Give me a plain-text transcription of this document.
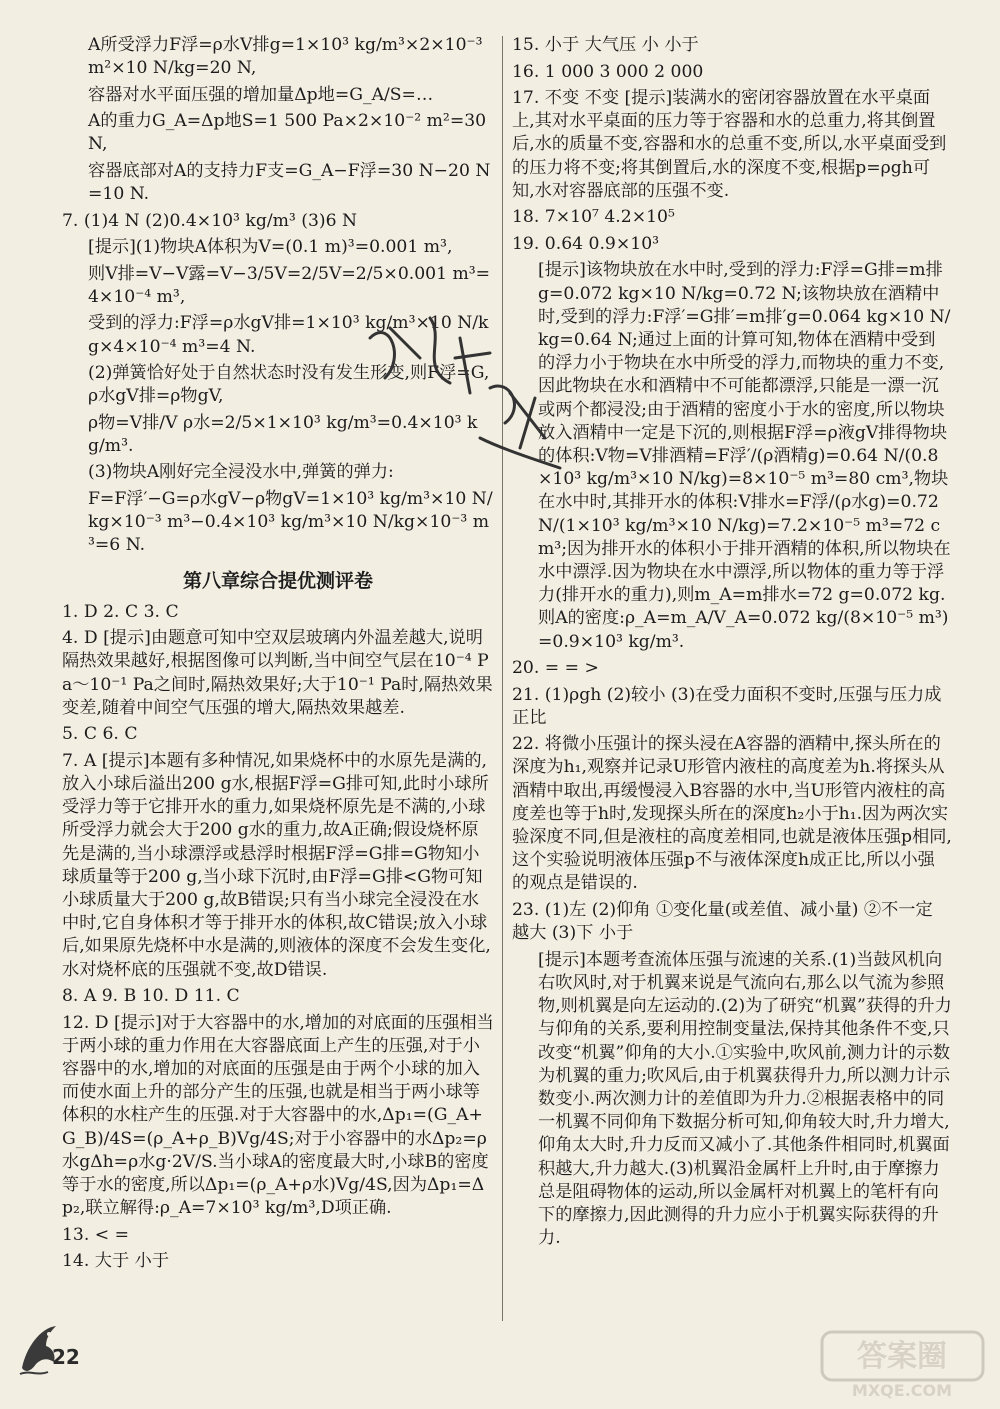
A所受浮力F浮=ρ水V排g=1×10³ kg/m³×2×10⁻³ m²×10 N/kg=20 N,

容器对水平面压强的增加量Δp地=G_A/S=…

A的重力G_A=Δp地S=1 500 Pa×2×10⁻² m²=30 N,

容器底部对A的支持力F支=G_A−F浮=30 N−20 N=10 N.

7. (1)4 N (2)0.4×10³ kg/m³ (3)6 N

[提示](1)物块A体积为V=(0.1 m)³=0.001 m³,

则V排=V−V露=V−3/5V=2/5V=2/5×0.001 m³=4×10⁻⁴ m³,

受到的浮力:F浮=ρ水gV排=1×10³ kg/m³×10 N/kg×4×10⁻⁴ m³=4 N.

(2)弹簧恰好处于自然状态时没有发生形变,则F浮=G,ρ水gV排=ρ物gV,

ρ物=V排/V ρ水=2/5×1×10³ kg/m³=0.4×10³ kg/m³.

(3)物块A刚好完全浸没水中,弹簧的弹力:

F=F浮′−G=ρ水gV−ρ物gV=1×10³ kg/m³×10 N/kg×10⁻³ m³−0.4×10³ kg/m³×10 N/kg×10⁻³ m³=6 N.

第八章综合提优测评卷

1. D 2. C 3. C

4. D [提示]由题意可知中空双层玻璃内外温差越大,说明隔热效果越好,根据图像可以判断,当中间空气层在10⁻⁴ Pa～10⁻¹ Pa之间时,隔热效果好;大于10⁻¹ Pa时,隔热效果变差,随着中间空气压强的增大,隔热效果越差.

5. C 6. C

7. A [提示]本题有多种情况,如果烧杯中的水原先是满的,放入小球后溢出200 g水,根据F浮=G排可知,此时小球所受浮力等于它排开水的重力,如果烧杯原先是不满的,小球所受浮力就会大于200 g水的重力,故A正确;假设烧杯原先是满的,当小球漂浮或悬浮时根据F浮=G排=G物知小球质量等于200 g,当小球下沉时,由F浮=G排<G物可知小球质量大于200 g,故B错误;只有当小球完全浸没在水中时,它自身体积才等于排开水的体积,故C错误;放入小球后,如果原先烧杯中水是满的,则液体的深度不会发生变化,水对烧杯底的压强就不变,故D错误.

8. A 9. B 10. D 11. C

12. D [提示]对于大容器中的水,增加的对底面的压强相当于两小球的重力作用在大容器底面上产生的压强,对于小容器中的水,增加的对底面的压强是由于两个小球的加入而使水面上升的部分产生的压强,也就是相当于两小球等体积的水柱产生的压强.对于大容器中的水,Δp₁=(G_A+G_B)/4S=(ρ_A+ρ_B)Vg/4S;对于小容器中的水Δp₂=ρ水gΔh=ρ水g·2V/S.当小球A的密度最大时,小球B的密度等于水的密度,所以Δp₁=(ρ_A+ρ水)Vg/4S,因为Δp₁=Δp₂,联立解得:ρ_A=7×10³ kg/m³,D项正确.

13. < =

14. 大于 小于

15. 小于 大气压 小 小于

16. 1 000 3 000 2 000

17. 不变 不变 [提示]装满水的密闭容器放置在水平桌面上,其对水平桌面的压力等于容器和水的总重力,将其倒置后,水的质量不变,容器和水的总重不变,所以,水平桌面受到的压力将不变;将其倒置后,水的深度不变,根据p=ρgh可知,水对容器底部的压强不变.

18. 7×10⁷ 4.2×10⁵

19. 0.64 0.9×10³

[提示]该物块放在水中时,受到的浮力:F浮=G排=m排g=0.072 kg×10 N/kg=0.72 N;该物块放在酒精中时,受到的浮力:F浮′=G排′=m排′g=0.064 kg×10 N/kg=0.64 N;通过上面的计算可知,物体在酒精中受到的浮力小于物块在水中所受的浮力,而物块的重力不变,因此物块在水和酒精中不可能都漂浮,只能是一漂一沉或两个都浸没;由于酒精的密度小于水的密度,所以物块放入酒精中一定是下沉的,则根据F浮=ρ液gV排得物块的体积:V物=V排酒精=F浮′/(ρ酒精g)=0.64 N/(0.8×10³ kg/m³×10 N/kg)=8×10⁻⁵ m³=80 cm³,物块在水中时,其排开水的体积:V排水=F浮/(ρ水g)=0.72 N/(1×10³ kg/m³×10 N/kg)=7.2×10⁻⁵ m³=72 cm³;因为排开水的体积小于排开酒精的体积,所以物块在水中漂浮.因为物块在水中漂浮,所以物体的重力等于浮力(排开水的重力),则m_A=m排水=72 g=0.072 kg.则A的密度:ρ_A=m_A/V_A=0.072 kg/(8×10⁻⁵ m³)=0.9×10³ kg/m³.

20. = = >

21. (1)ρgh (2)较小 (3)在受力面积不变时,压强与压力成正比

22. 将微小压强计的探头浸在A容器的酒精中,探头所在的深度为h₁,观察并记录U形管内液柱的高度差为h.将探头从酒精中取出,再缓慢浸入B容器的水中,当U形管内液柱的高度差也等于h时,发现探头所在的深度h₂小于h₁.因为两次实验深度不同,但是液柱的高度差相同,也就是液体压强p相同,这个实验说明液体压强p不与液体深度h成正比,所以小强的观点是错误的.

23. (1)左 (2)仰角 ①变化量(或差值、减小量) ②不一定 越大 (3)下 小于

[提示]本题考查流体压强与流速的关系.(1)当鼓风机向右吹风时,对于机翼来说是气流向右,那么以气流为参照物,则机翼是向左运动的.(2)为了研究“机翼”获得的升力与仰角的关系,要利用控制变量法,保持其他条件不变,只改变“机翼”仰角的大小.①实验中,吹风前,测力计的示数为机翼的重力;吹风后,由于机翼获得升力,所以测力计示数变小.两次测力计的差值即为升力.②根据表格中的同一机翼不同仰角下数据分析可知,仰角较大时,升力增大,仰角太大时,升力反而又减小了.其他条件相同时,机翼面积越大,升力越大.(3)机翼沿金属杆上升时,由于摩擦力总是阻碍物体的运动,所以金属杆对机翼上的笔杆有向下的摩擦力,因此测得的升力应小于机翼实际获得的升力.

22	答案圈
MXQE.COM
